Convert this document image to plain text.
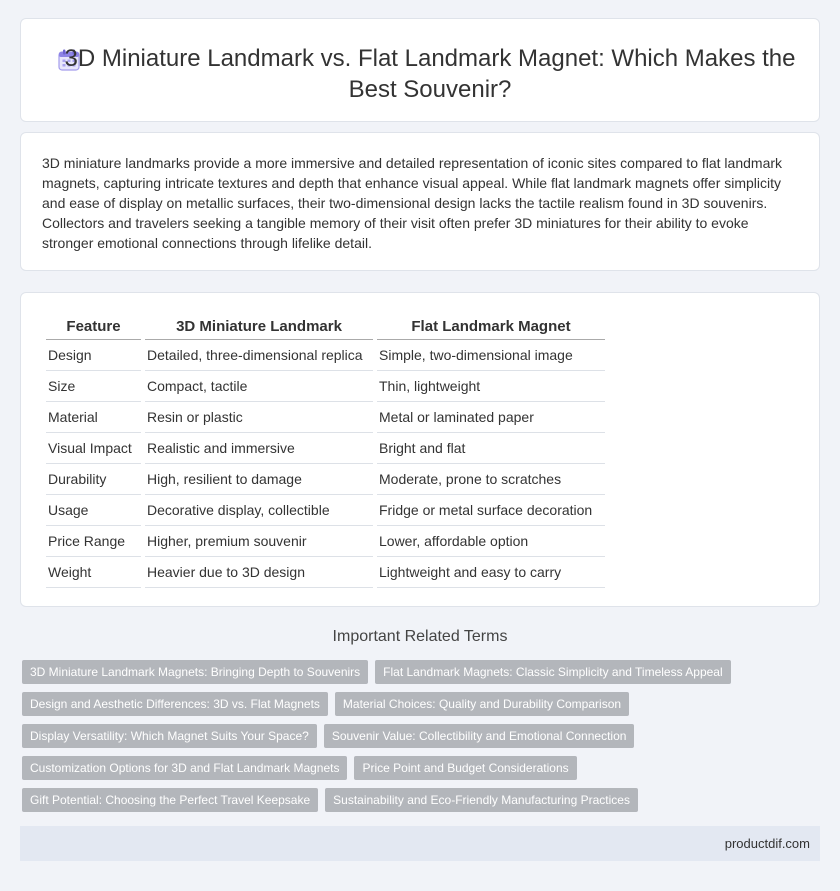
3D Miniature Landmark vs. Flat Landmark Magnet: Which Makes the Best Souvenir?

3D miniature landmarks provide a more immersive and detailed representation of iconic sites compared to flat landmark magnets, capturing intricate textures and depth that enhance visual appeal. While flat landmark magnets offer simplicity and ease of display on metallic surfaces, their two-dimensional design lacks the tactile realism found in 3D souvenirs. Collectors and travelers seeking a tangible memory of their visit often prefer 3D miniatures for their ability to evoke stronger emotional connections through lifelike detail.

Feature	3D Miniature Landmark	Flat Landmark Magnet
Design	Detailed, three-dimensional replica	Simple, two-dimensional image
Size	Compact, tactile	Thin, lightweight
Material	Resin or plastic	Metal or laminated paper
Visual Impact	Realistic and immersive	Bright and flat
Durability	High, resilient to damage	Moderate, prone to scratches
Usage	Decorative display, collectible	Fridge or metal surface decoration
Price Range	Higher, premium souvenir	Lower, affordable option
Weight	Heavier due to 3D design	Lightweight and easy to carry
Important Related Terms
3D Miniature Landmark Magnets: Bringing Depth to Souvenirs	Flat Landmark Magnets: Classic Simplicity and Timeless Appeal
Design and Aesthetic Differences: 3D vs. Flat Magnets	Material Choices: Quality and Durability Comparison
Display Versatility: Which Magnet Suits Your Space?	Souvenir Value: Collectibility and Emotional Connection
Customization Options for 3D and Flat Landmark Magnets	Price Point and Budget Considerations
Gift Potential: Choosing the Perfect Travel Keepsake	Sustainability and Eco-Friendly Manufacturing Practices
productdif.com
